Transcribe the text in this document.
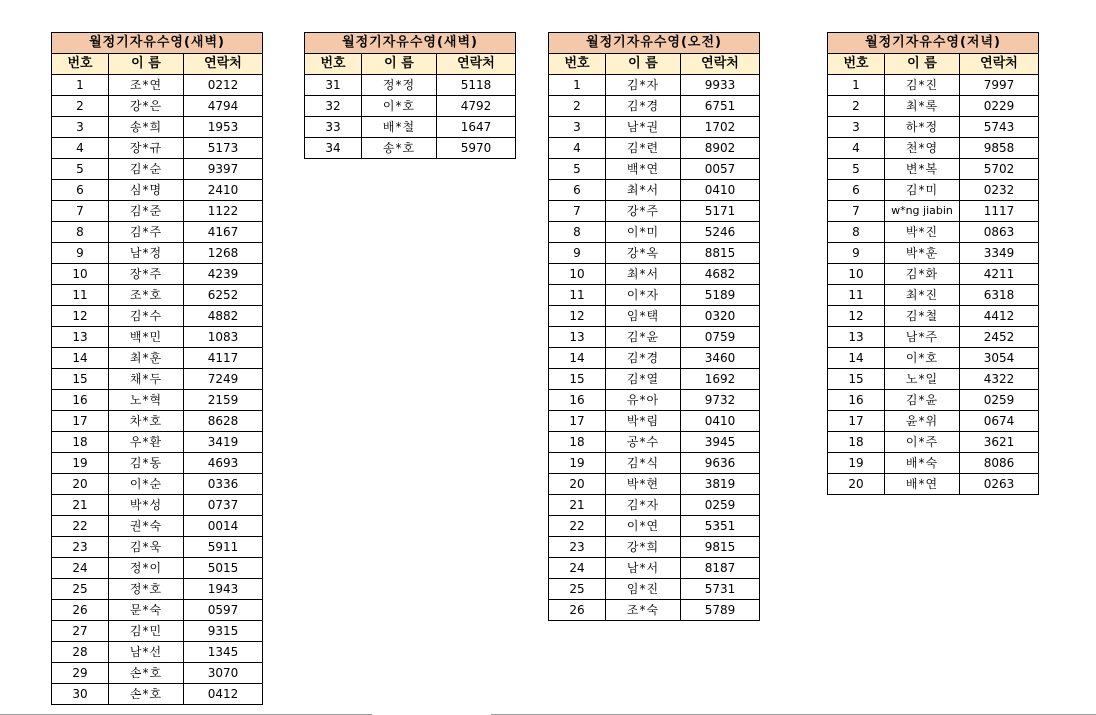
월정기자유수영(새벽)		
번호	이 름	연락처
1	조*연	0212
2	강*은	4794
3	송*희	1953
4	장*규	5173
5	김*순	9397
6	심*명	2410
7	김*준	1122
8	김*주	4167
9	남*정	1268
10	장*주	4239
11	조*호	6252
12	김*수	4882
13	백*민	1083
14	최*훈	4117
15	채*두	7249
16	노*혁	2159
17	차*호	8628
18	우*환	3419
19	김*동	4693
20	이*순	0336
21	박*성	0737
22	권*숙	0014
23	김*욱	5911
24	정*이	5015
25	정*호	1943
26	문*숙	0597
27	김*민	9315
28	남*선	1345
29	손*호	3070
30	손*호	0412
월정기자유수영(새벽)		
번호	이 름	연락처
31	정*정	5118
32	이*호	4792
33	배*철	1647
34	송*호	5970
월정기자유수영(오전)		
번호	이 름	연락처
1	김*자	9933
2	김*경	6751
3	남*권	1702
4	김*련	8902
5	백*연	0057
6	최*서	0410
7	강*주	5171
8	이*미	5246
9	강*옥	8815
10	최*서	4682
11	이*자	5189
12	임*택	0320
13	김*윤	0759
14	김*경	3460
15	김*열	1692
16	유*아	9732
17	박*림	0410
18	공*수	3945
19	김*식	9636
20	박*현	3819
21	김*자	0259
22	이*연	5351
23	강*희	9815
24	남*서	8187
25	임*진	5731
26	조*숙	5789
월정기자유수영(저녁)		
번호	이 름	연락처
1	김*진	7997
2	최*록	0229
3	하*정	5743
4	천*영	9858
5	변*복	5702
6	김*미	0232
7	w*ng jiabin	1117
8	박*진	0863
9	박*훈	3349
10	김*화	4211
11	최*진	6318
12	김*철	4412
13	남*주	2452
14	이*호	3054
15	노*일	4322
16	김*윤	0259
17	윤*위	0674
18	이*주	3621
19	배*숙	8086
20	배*연	0263
